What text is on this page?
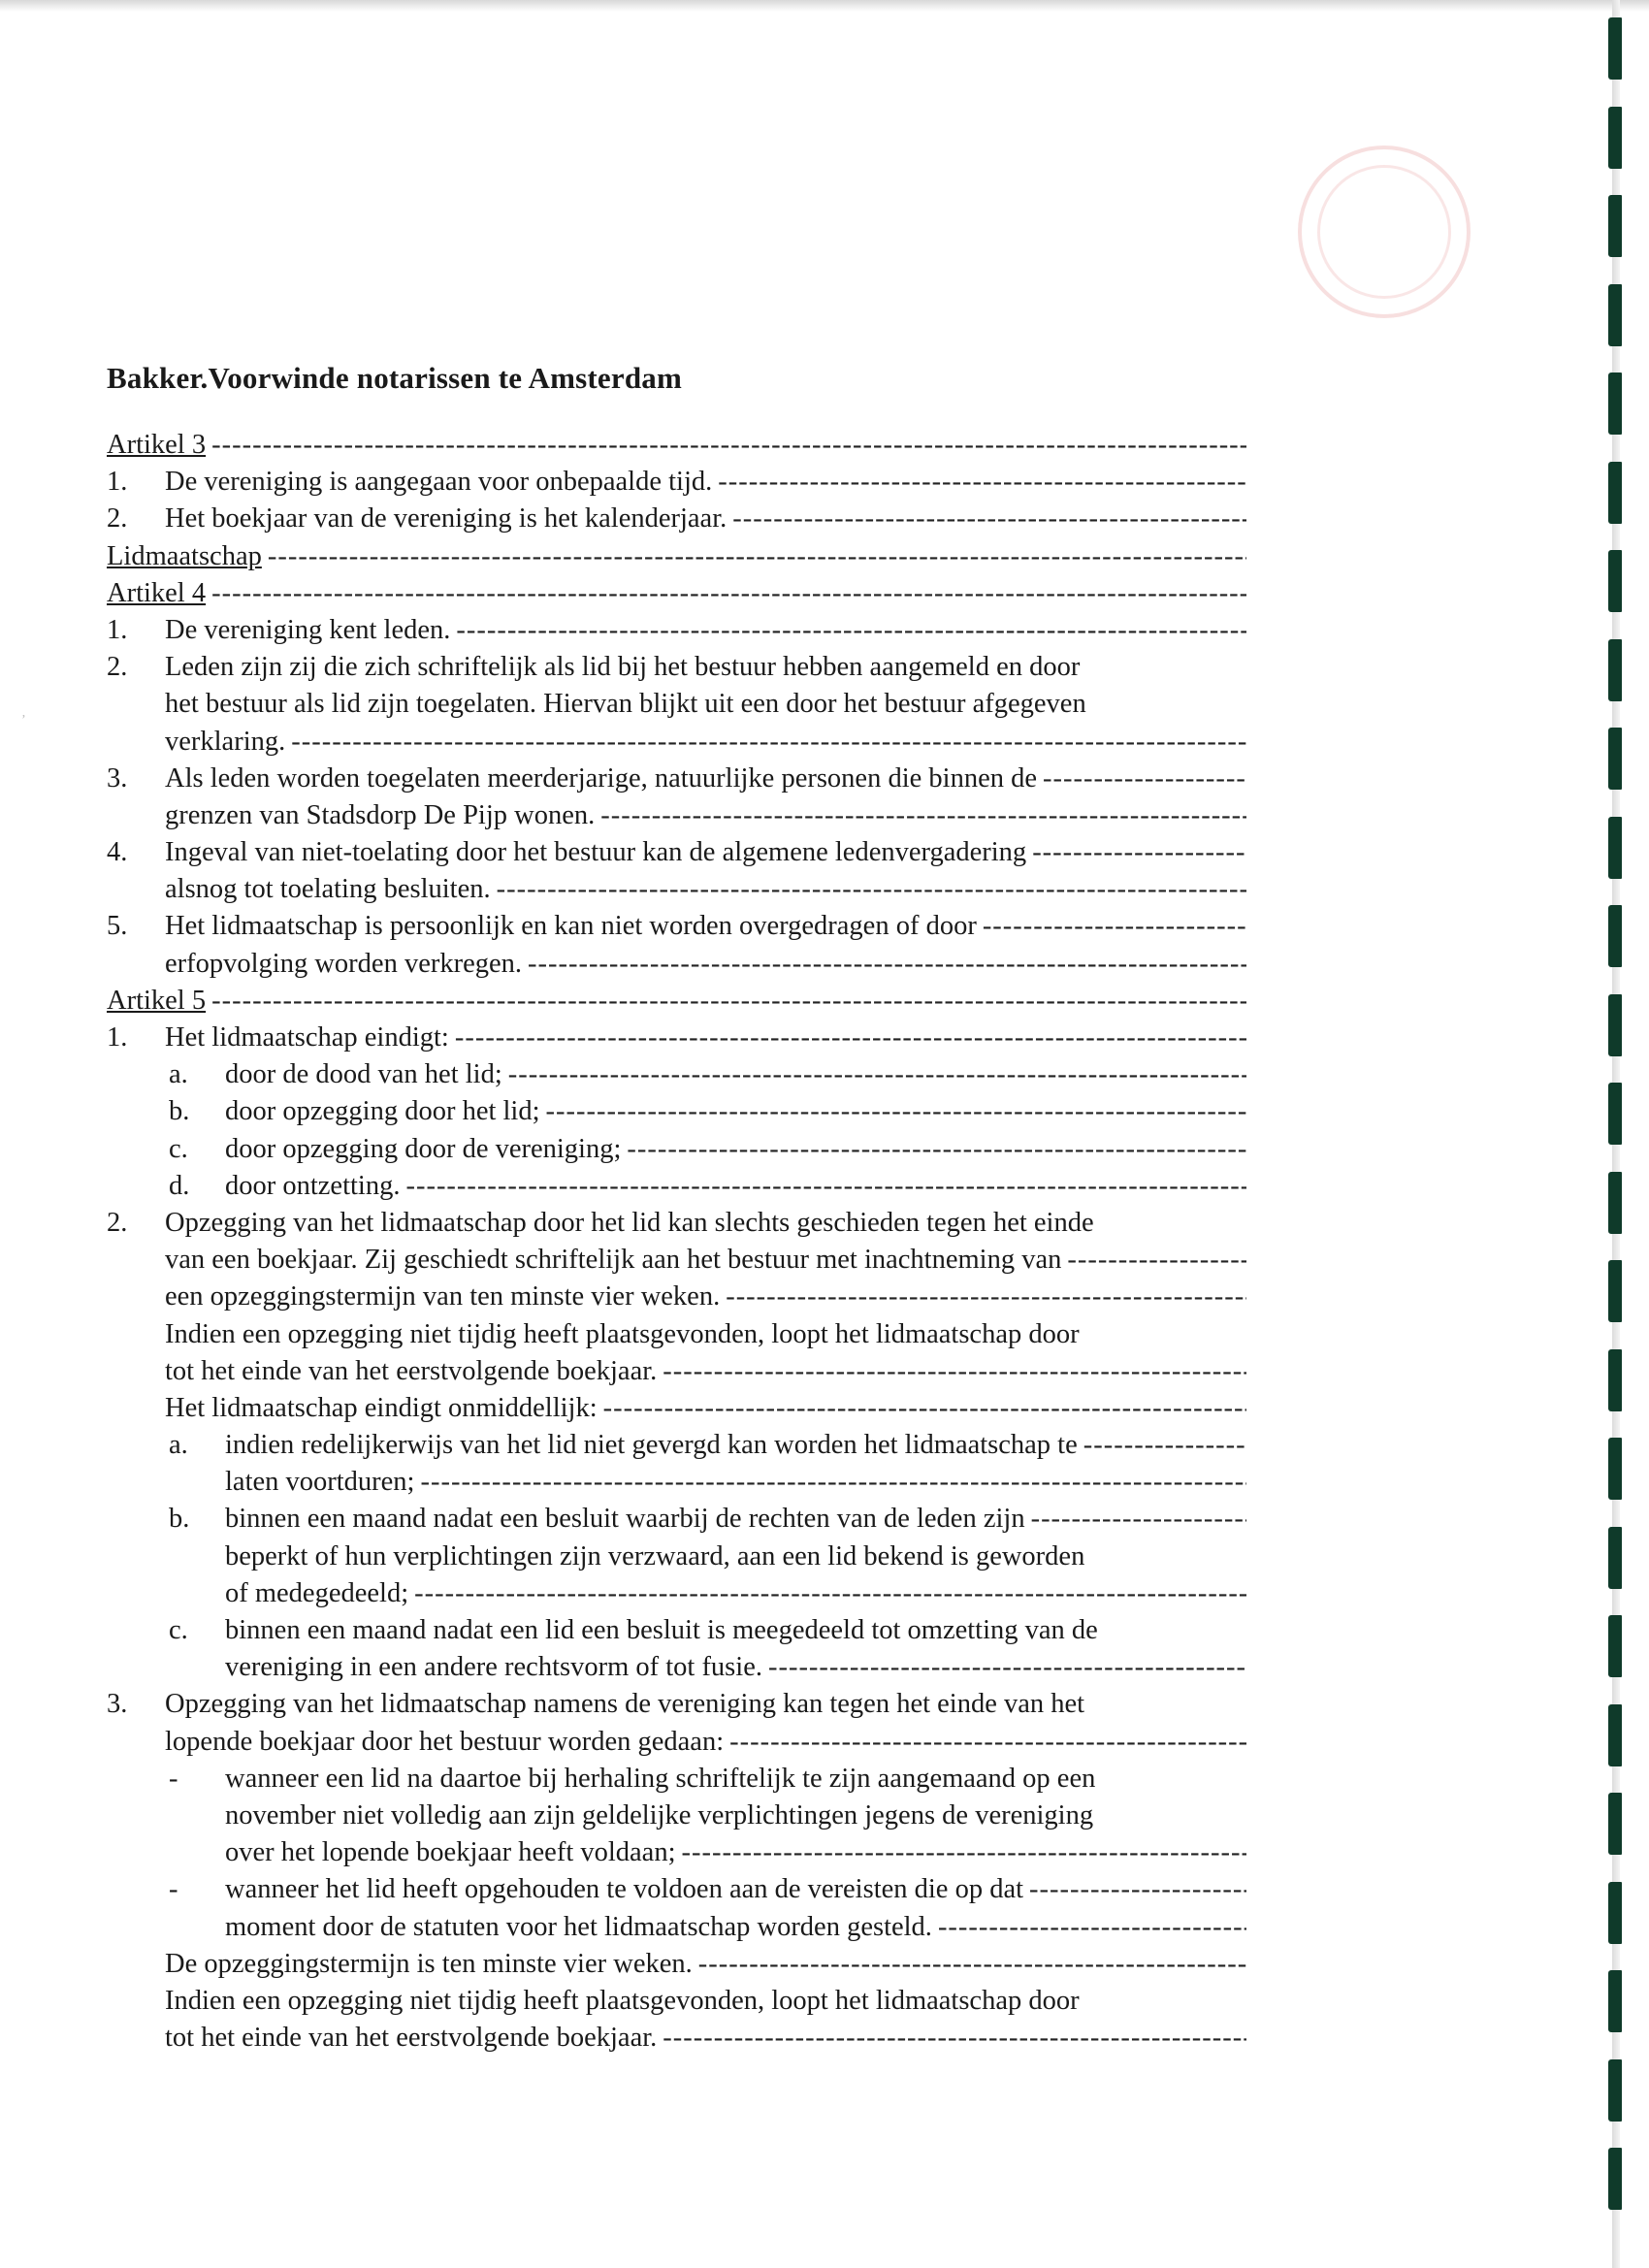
ʼ
Bakker.Voorwinde notarissen te Amsterdam
Artikel 3
-----
1. De vereniging is aangegaan voor onbepaalde tijd.
-----
2. Het boekjaar van de vereniging is het kalenderjaar.
-----
Lidmaatschap
-----
Artikel 4
-----
1. De vereniging kent leden.
-----
2. Leden zijn zij die zich schriftelijk als lid bij het bestuur hebben aangemeld en door
het bestuur als lid zijn toegelaten. Hiervan blijkt uit een door het bestuur afgegeven
verklaring.
-----
3. Als leden worden toegelaten meerderjarige, natuurlijke personen die binnen de
-----
grenzen van Stadsdorp De Pijp wonen.
-----
4. Ingeval van niet-toelating door het bestuur kan de algemene ledenvergadering
-----
alsnog tot toelating besluiten.
-----
5. Het lidmaatschap is persoonlijk en kan niet worden overgedragen of door
-----
erfopvolging worden verkregen.
-----
Artikel 5
-----
1. Het lidmaatschap eindigt:
-----
a. door de dood van het lid;
-----
b. door opzegging door het lid;
-----
c. door opzegging door de vereniging;
-----
d. door ontzetting.
-----
2. Opzegging van het lidmaatschap door het lid kan slechts geschieden tegen het einde
van een boekjaar. Zij geschiedt schriftelijk aan het bestuur met inachtneming van
-----
een opzeggingstermijn van ten minste vier weken.
-----
Indien een opzegging niet tijdig heeft plaatsgevonden, loopt het lidmaatschap door
tot het einde van het eerstvolgende boekjaar.
-----
Het lidmaatschap eindigt onmiddellijk:
-----
a. indien redelijkerwijs van het lid niet gevergd kan worden het lidmaatschap te
-----
laten voortduren;
-----
b. binnen een maand nadat een besluit waarbij de rechten van de leden zijn
-----
beperkt of hun verplichtingen zijn verzwaard, aan een lid bekend is geworden
of medegedeeld;
-----
c. binnen een maand nadat een lid een besluit is meegedeeld tot omzetting van de
vereniging in een andere rechtsvorm of tot fusie.
-----
3. Opzegging van het lidmaatschap namens de vereniging kan tegen het einde van het
lopende boekjaar door het bestuur worden gedaan:
-----
- wanneer een lid na daartoe bij herhaling schriftelijk te zijn aangemaand op een
november niet volledig aan zijn geldelijke verplichtingen jegens de vereniging
over het lopende boekjaar heeft voldaan;
-----
- wanneer het lid heeft opgehouden te voldoen aan de vereisten die op dat
-----
moment door de statuten voor het lidmaatschap worden gesteld.
-----
De opzeggingstermijn is ten minste vier weken.
-----
Indien een opzegging niet tijdig heeft plaatsgevonden, loopt het lidmaatschap door
tot het einde van het eerstvolgende boekjaar.
-----
